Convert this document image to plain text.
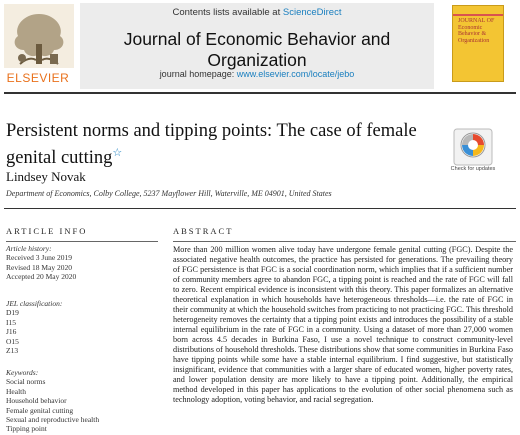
ELSEVIER
Contents lists available at ScienceDirect
Journal of Economic Behavior and Organization
journal homepage: www.elsevier.com/locate/jebo
JOURNAL OF Economic Behavior & Organization
Persistent norms and tipping points: The case of female genital cutting☆
Check for updates
Lindsey Novak
Department of Economics, Colby College, 5237 Mayflower Hill, Waterville, ME 04901, United States
ARTICLE INFO
Article history:
Received 3 June 2019
Revised 18 May 2020
Accepted 20 May 2020
JEL classification:
D19
I15
J16
O15
Z13
Keywords:
Social norms
Health
Household behavior
Female genital cutting
Sexual and reproductive health
Tipping point
ABSTRACT
More than 200 million women alive today have undergone female genital cutting (FGC). Despite the associated negative health outcomes, the practice has persisted for generations. The prevailing theory of FGC persistence is that FGC is a social coordination norm, which implies that if a sufficient number of community members agree to abandon FGC, a tipping point is reached and the rate of FGC will fall to zero. Recent empirical evidence is inconsistent with this theory. This paper formalizes an alternative theoretical explanation in which households have heterogeneous thresholds—i.e. the rate of FGC in their community at which the household switches from practicing to not practicing FGC. This threshold heterogeneity removes the certainty that a tipping point exists and introduces the possibility of a stable internal equilibrium in the rate of FGC in a community. Using a dataset of more than 27,000 women born across 4.5 decades in Burkina Faso, I use a novel technique to construct community-level distributions of household thresholds. These distributions show that some communities in Burkina Faso have tipping points while some have a stable internal equilibrium. I find suggestive, but statistically insignificant, evidence that communities with a larger share of educated women, higher poverty rates, and lower population density are more likely to have a tipping point. Additionally, the empirical method developed in this paper has applications to the evolution of other social phenomena such as technology adoption, voting behavior, and racial segregation.
